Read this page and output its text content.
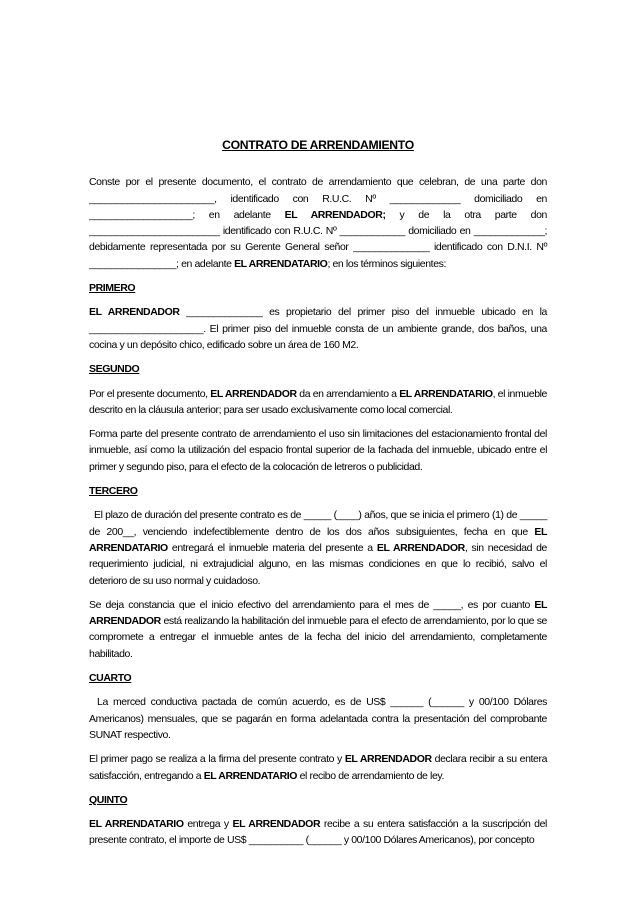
CONTRATO DE ARRENDAMIENTO

Conste por el presente documento, el contrato de arrendamiento que celebran, de una parte don _______________________, identificado con R.U.C. Nº _____________ domiciliado en ___________________; en adelante EL ARRENDADOR; y de la otra parte don ________________________ identificado con R.U.C. Nº ____________ domiciliado en _____________; debidamente representada por su Gerente General señor ______________ identificado con D.N.I. Nº ________________; en adelante EL ARRENDATARIO; en los términos siguientes:

PRIMERO

EL ARRENDADOR ______________ es propietario del primer piso del inmueble ubicado en la _____________________. El primer piso del inmueble consta de un ambiente grande, dos baños, una cocina y un depósito chico, edificado sobre un área de 160 M2.

SEGUNDO

Por el presente documento, EL ARRENDADOR da en arrendamiento a EL ARRENDATARIO, el inmueble descrito en la cláusula anterior; para ser usado exclusivamente como local comercial.

Forma parte del presente contrato de arrendamiento el uso sin limitaciones del estacionamiento frontal del inmueble, así como la utilización del espacio frontal superior de la fachada del inmueble, ubicado entre el primer y segundo piso, para el efecto de la colocación de letreros o publicidad.

TERCERO

El plazo de duración del presente contrato es de _____ (____) años, que se inicia el primero (1) de _____ de 200__, venciendo indefectiblemente dentro de los dos años subsiguientes, fecha en que EL ARRENDATARIO entregará el inmueble materia del presente a EL ARRENDADOR, sin necesidad de requerimiento judicial, ni extrajudicial alguno, en las mismas condiciones en que lo recibió, salvo el deterioro de su uso normal y cuidadoso.

Se deja constancia que el inicio efectivo del arrendamiento para el mes de _____, es por cuanto EL ARRENDADOR está realizando la habilitación del inmueble para el efecto de arrendamiento, por lo que se compromete a entregar el inmueble antes de la fecha del inicio del arrendamiento, completamente habilitado.

CUARTO

La merced conductiva pactada de común acuerdo, es de US$ ______ (______ y 00/100 Dólares Americanos) mensuales, que se pagarán en forma adelantada contra la presentación del comprobante SUNAT respectivo.

El primer pago se realiza a la firma del presente contrato y EL ARRENDADOR declara recibir a su entera satisfacción, entregando a EL ARRENDATARIO el recibo de arrendamiento de ley.

QUINTO

EL ARRENDATARIO entrega y EL ARRENDADOR recibe a su entera satisfacción a la suscripción del presente contrato, el importe de US$ __________ (______ y 00/100 Dólares Americanos), por concepto
